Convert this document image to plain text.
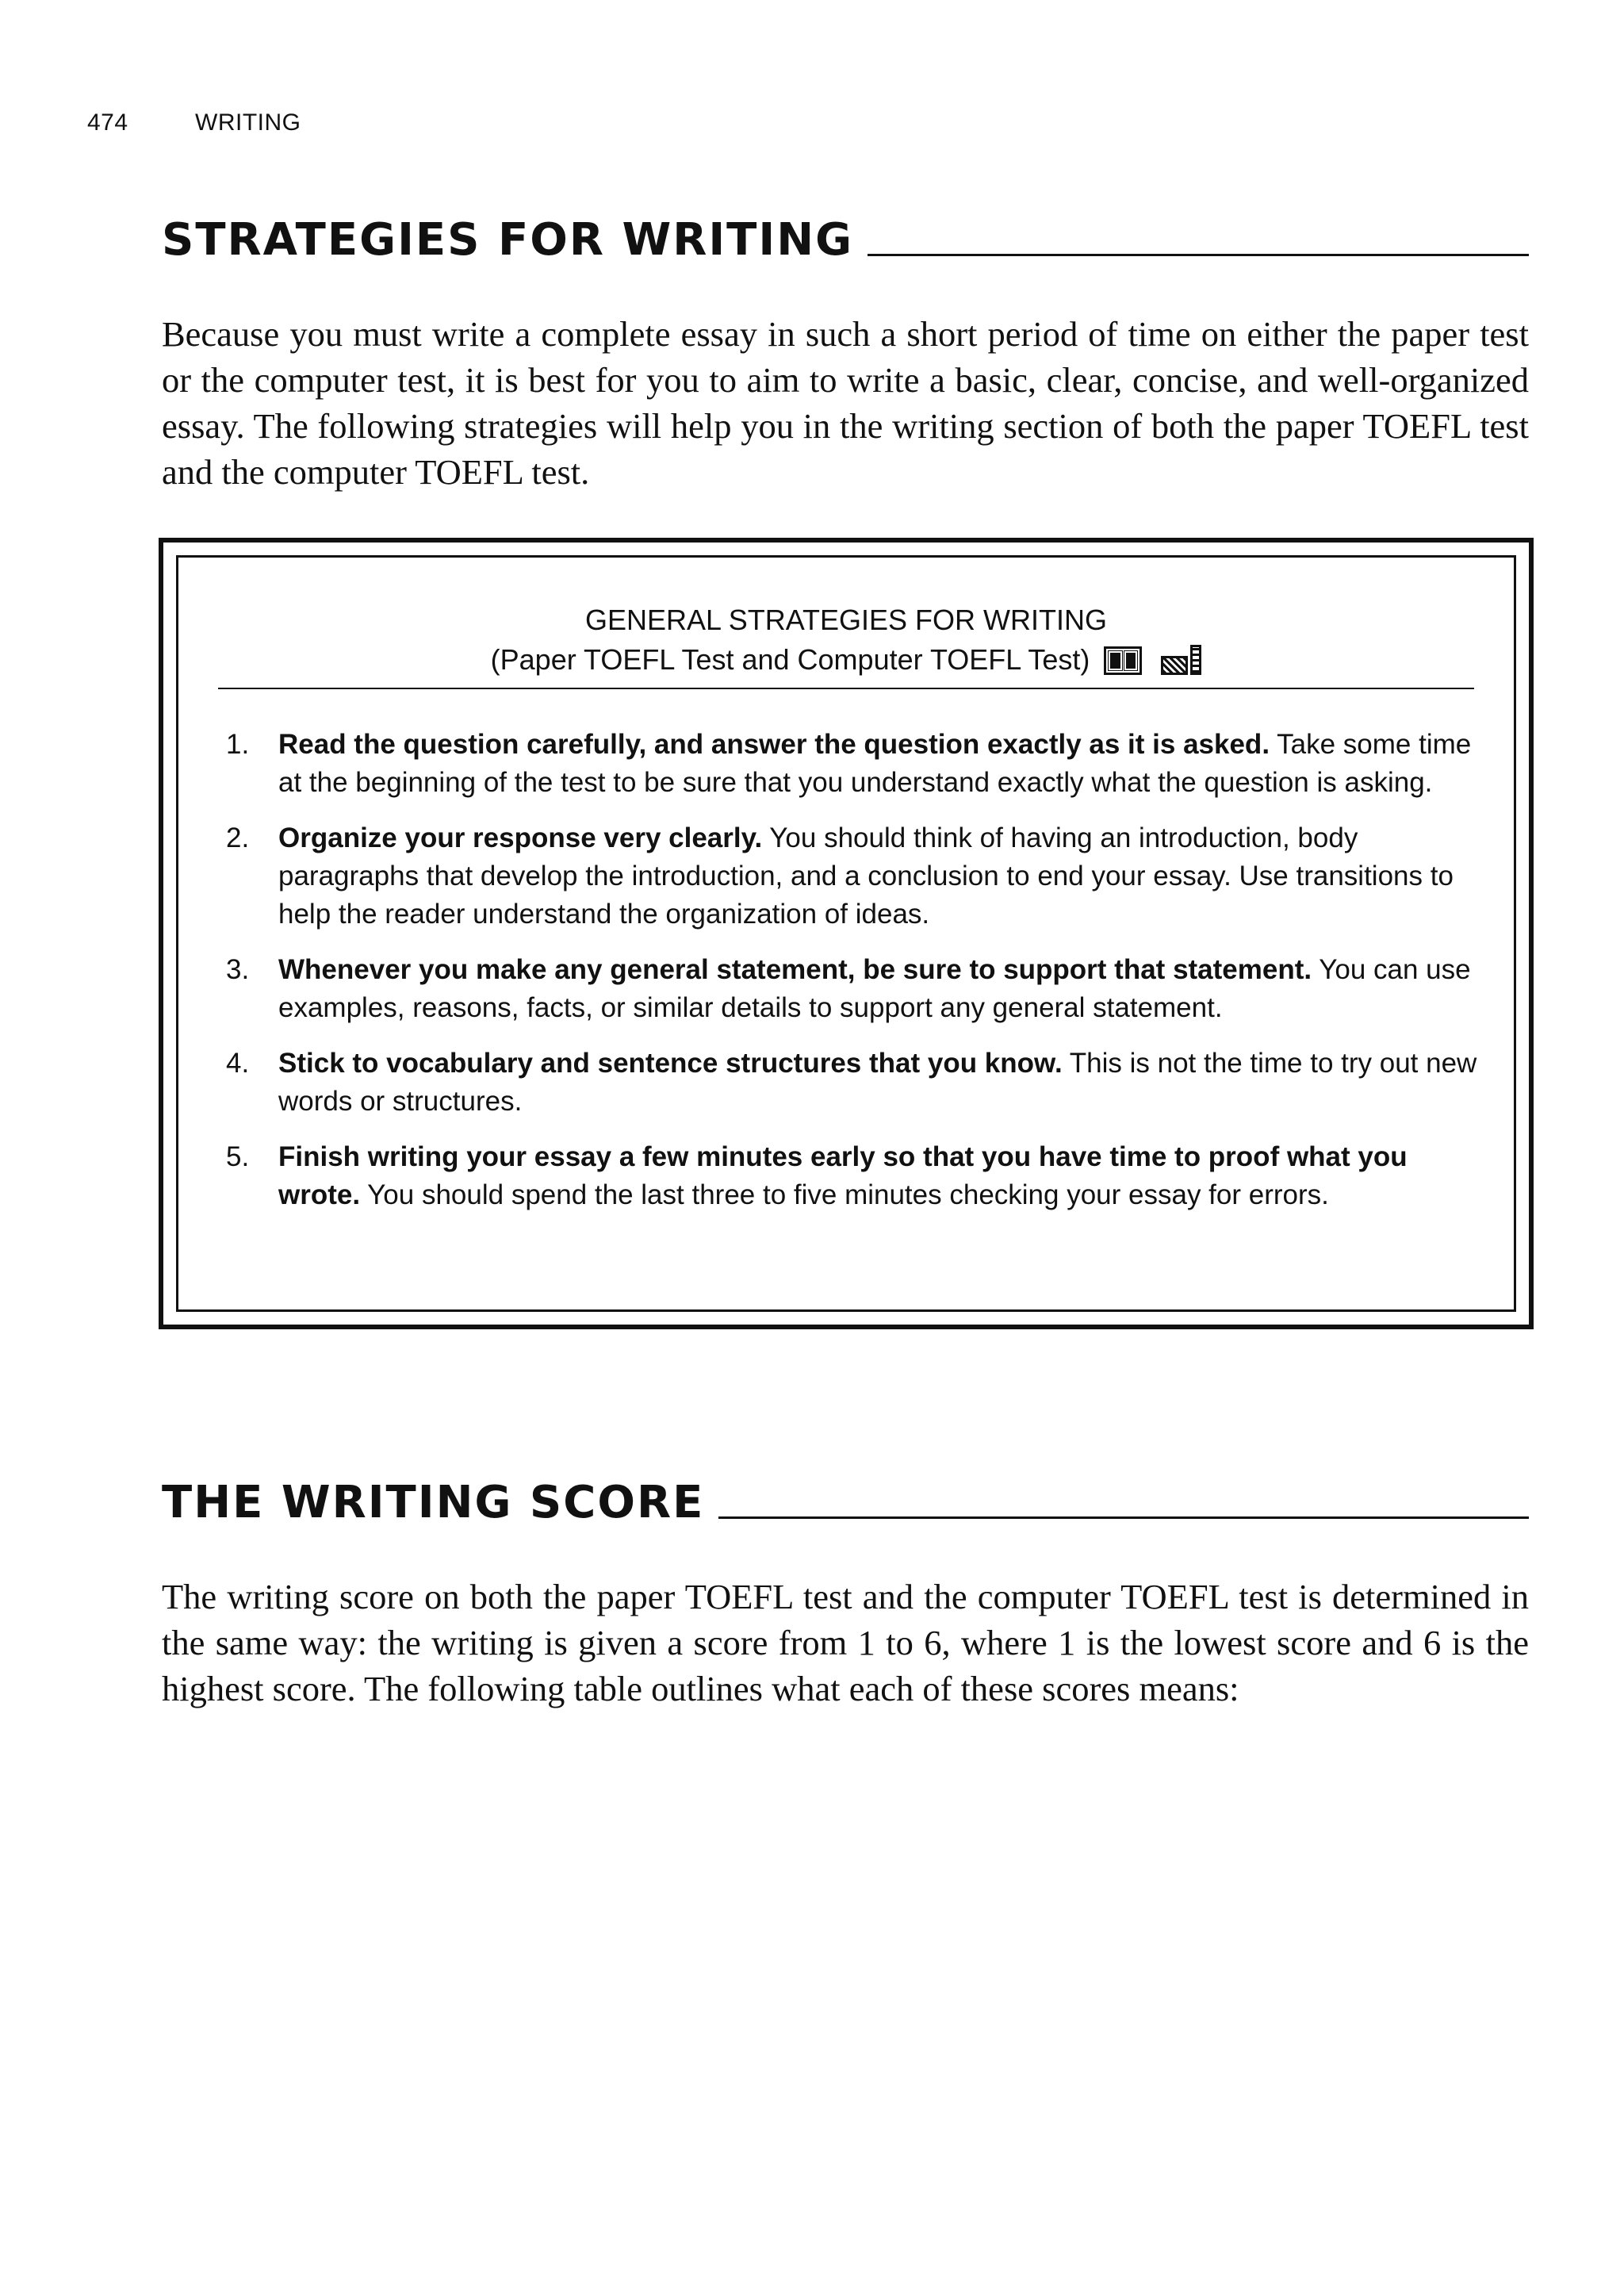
474	WRITING
STRATEGIES FOR WRITING

Because you must write a complete essay in such a short period of time on either the paper test or the computer test, it is best for you to aim to write a basic, clear, concise, and well-organized essay. The following strategies will help you in the writing section of both the paper TOEFL test and the computer TOEFL test.

GENERAL STRATEGIES FOR WRITING
(Paper TOEFL Test and Computer TOEFL Test)
1.	Read the question carefully, and answer the question exactly as it is asked. Take some time at the beginning of the test to be sure that you understand exactly what the question is asking.
2.	Organize your response very clearly. You should think of having an introduction, body paragraphs that develop the introduction, and a conclusion to end your essay. Use transitions to help the reader understand the organization of ideas.
3.	Whenever you make any general statement, be sure to support that statement. You can use examples, reasons, facts, or similar details to support any general statement.
4.	Stick to vocabulary and sentence structures that you know. This is not the time to try out new words or structures.
5.	Finish writing your essay a few minutes early so that you have time to proof what you wrote. You should spend the last three to five minutes checking your essay for errors.
THE WRITING SCORE

The writing score on both the paper TOEFL test and the computer TOEFL test is determined in the same way: the writing is given a score from 1 to 6, where 1 is the lowest score and 6 is the highest score. The following table outlines what each of these scores means:
